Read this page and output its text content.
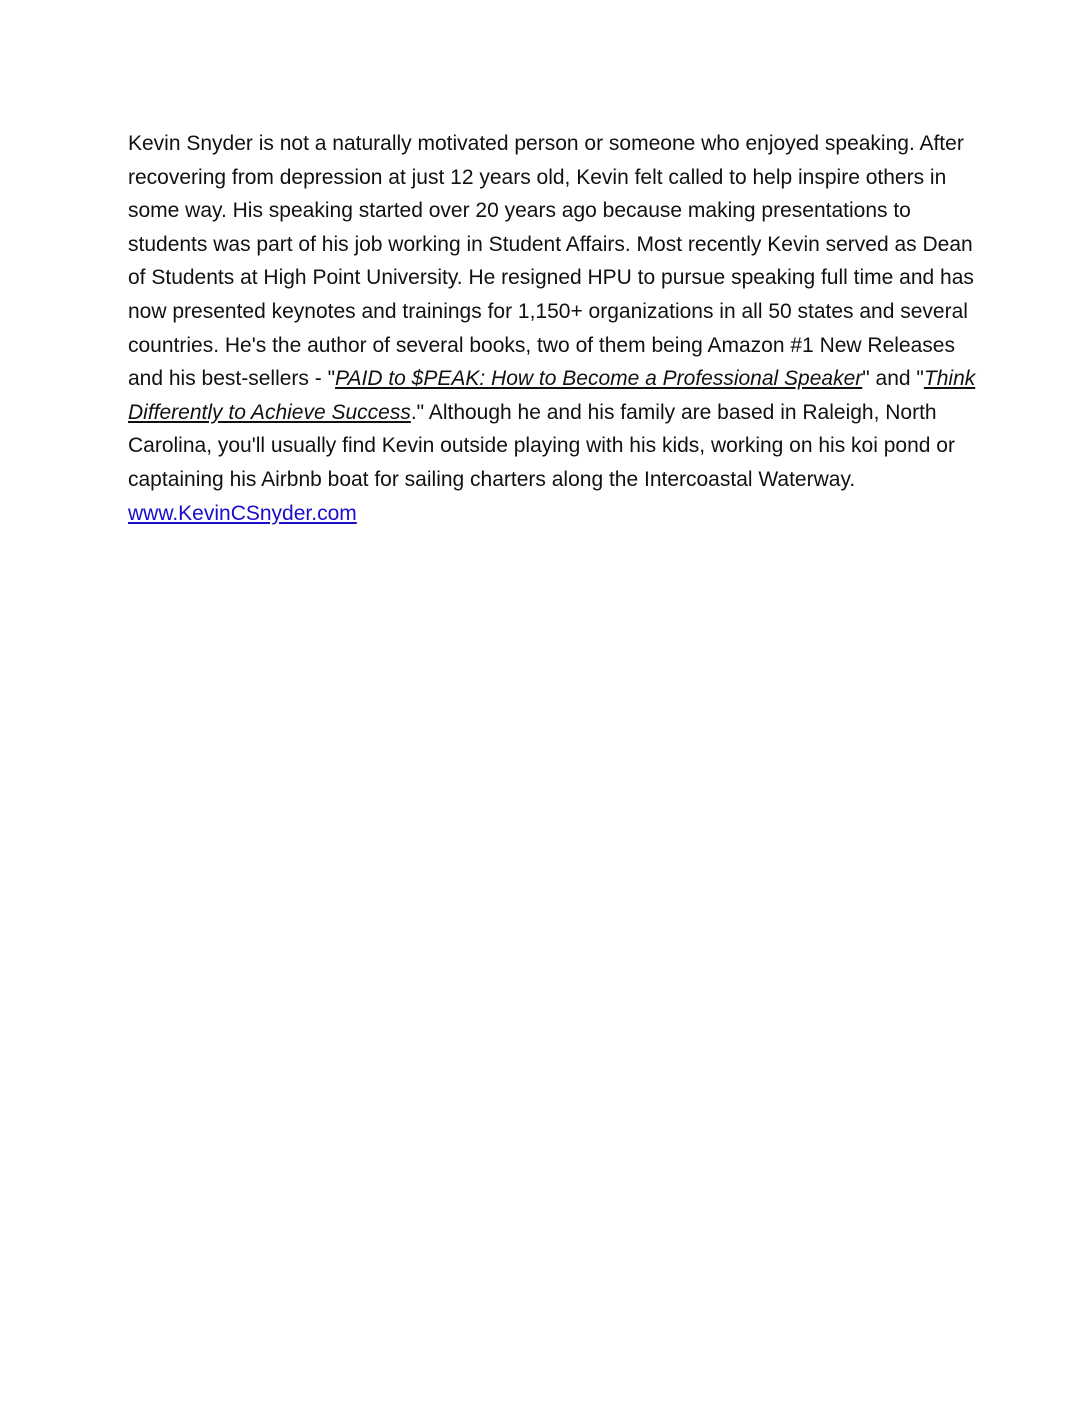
Kevin Snyder is not a naturally motivated person or someone who enjoyed speaking. After recovering from depression at just 12 years old, Kevin felt called to help inspire others in some way. His speaking started over 20 years ago because making presentations to students was part of his job working in Student Affairs. Most recently Kevin served as Dean of Students at High Point University. He resigned HPU to pursue speaking full time and has now presented keynotes and trainings for 1,150+ organizations in all 50 states and several countries. He's the author of several books, two of them being Amazon #1 New Releases and his best-sellers - "PAID to $PEAK: How to Become a Professional Speaker" and "Think Differently to Achieve Success." Although he and his family are based in Raleigh, North Carolina, you'll usually find Kevin outside playing with his kids, working on his koi pond or captaining his Airbnb boat for sailing charters along the Intercoastal Waterway.
www.KevinCSnyder.com
